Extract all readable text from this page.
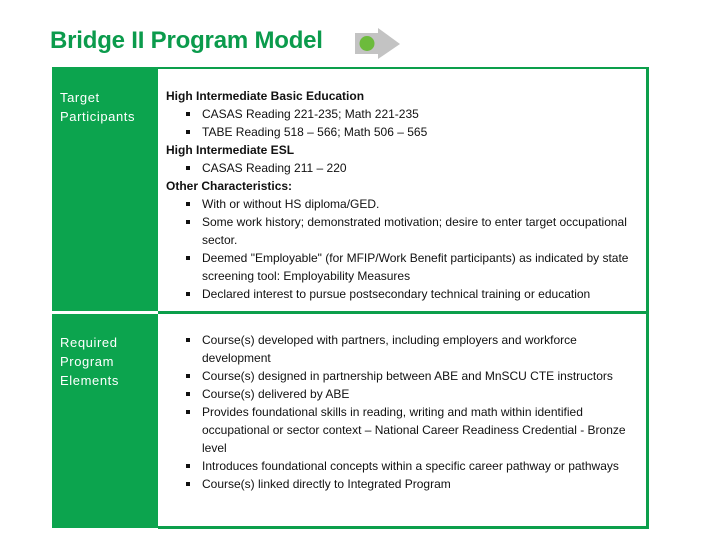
Bridge II Program Model
Target
Participants
Required
Program
Elements
High Intermediate Basic Education
CASAS Reading 221-235; Math 221-235
TABE Reading 518 – 566; Math 506 – 565
High Intermediate ESL
CASAS Reading 211 – 220
Other Characteristics:
With or without HS diploma/GED.
Some work history; demonstrated motivation; desire to enter target occupational sector.
Deemed "Employable" (for MFIP/Work Benefit participants) as indicated by state screening tool: Employability Measures
Declared interest to pursue postsecondary technical training or education
Course(s) developed with partners, including employers and workforce development
Course(s) designed in partnership between ABE and MnSCU CTE instructors
Course(s) delivered by ABE
Provides foundational skills in reading, writing and math within identified occupational or sector context – National Career Readiness Credential - Bronze level
Introduces foundational concepts within a specific career pathway or pathways
Course(s) linked directly to Integrated Program
